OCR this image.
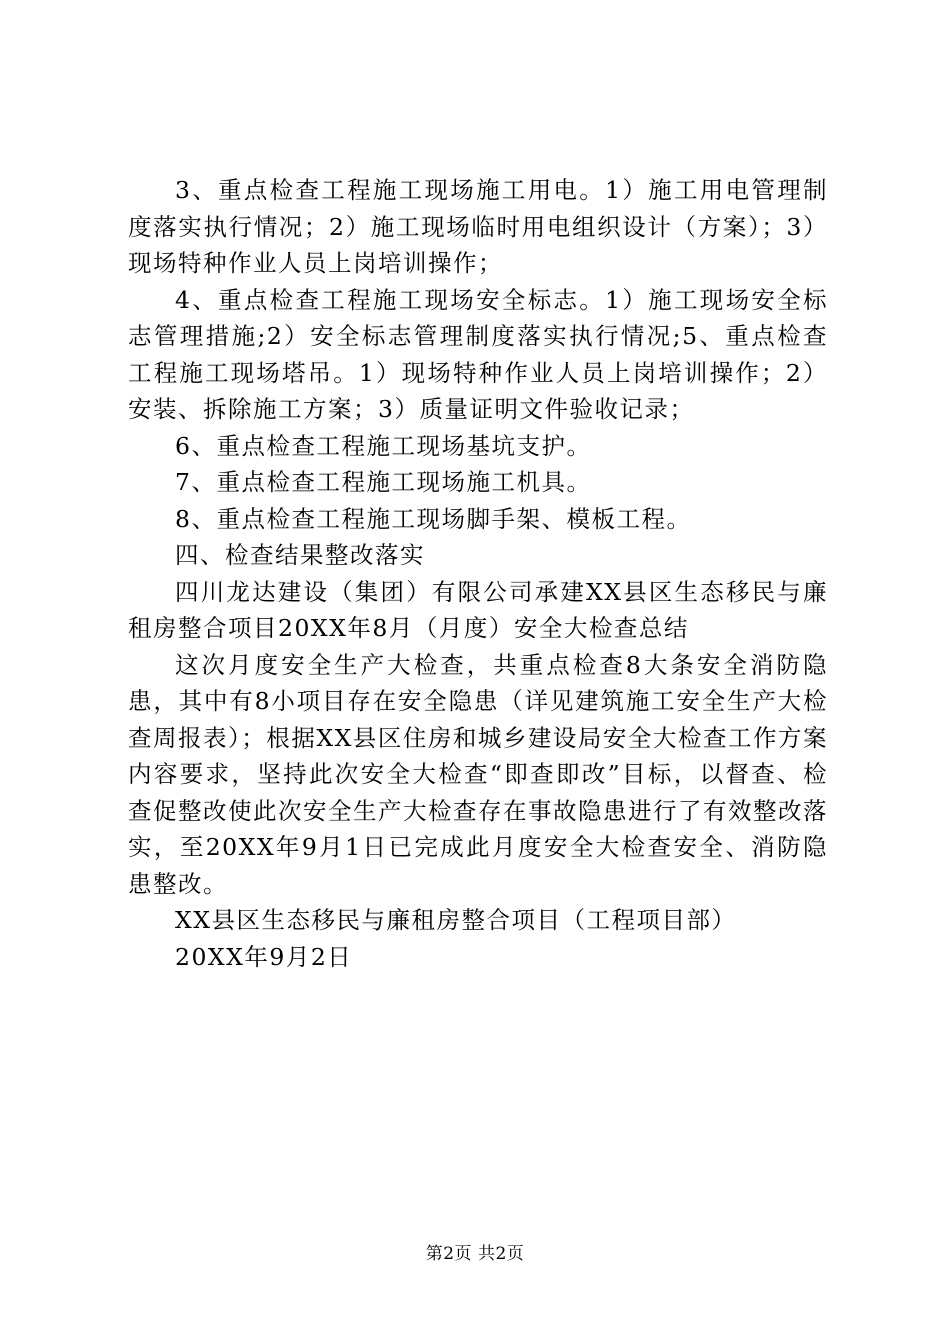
3、重点检查工程施工现场施工用电。1）施工用电管理制度落实执行情况；2）施工现场临时用电组织设计（方案）；3）现场特种作业人员上岗培训操作；

4、重点检查工程施工现场安全标志。1）施工现场安全标志管理措施;2）安全标志管理制度落实执行情况;5、重点检查工程施工现场塔吊。1）现场特种作业人员上岗培训操作；2）安装、拆除施工方案；3）质量证明文件验收记录；

6、重点检查工程施工现场基坑支护。

7、重点检查工程施工现场施工机具。

8、重点检查工程施工现场脚手架、模板工程。

四、检查结果整改落实

四川龙达建设（集团）有限公司承建XX县区生态移民与廉租房整合项目20XX年8月（月度）安全大检查总结

这次月度安全生产大检查，共重点检查8大条安全消防隐患，其中有8小项目存在安全隐患（详见建筑施工安全生产大检查周报表）；根据XX县区住房和城乡建设局安全大检查工作方案内容要求，坚持此次安全大检查“即查即改”目标，以督查、检查促整改使此次安全生产大检查存在事故隐患进行了有效整改落实，至20XX年9月1日已完成此月度安全大检查安全、消防隐患整改。

XX县区生态移民与廉租房整合项目（工程项目部）

20XX年9月2日

第2页 共2页
